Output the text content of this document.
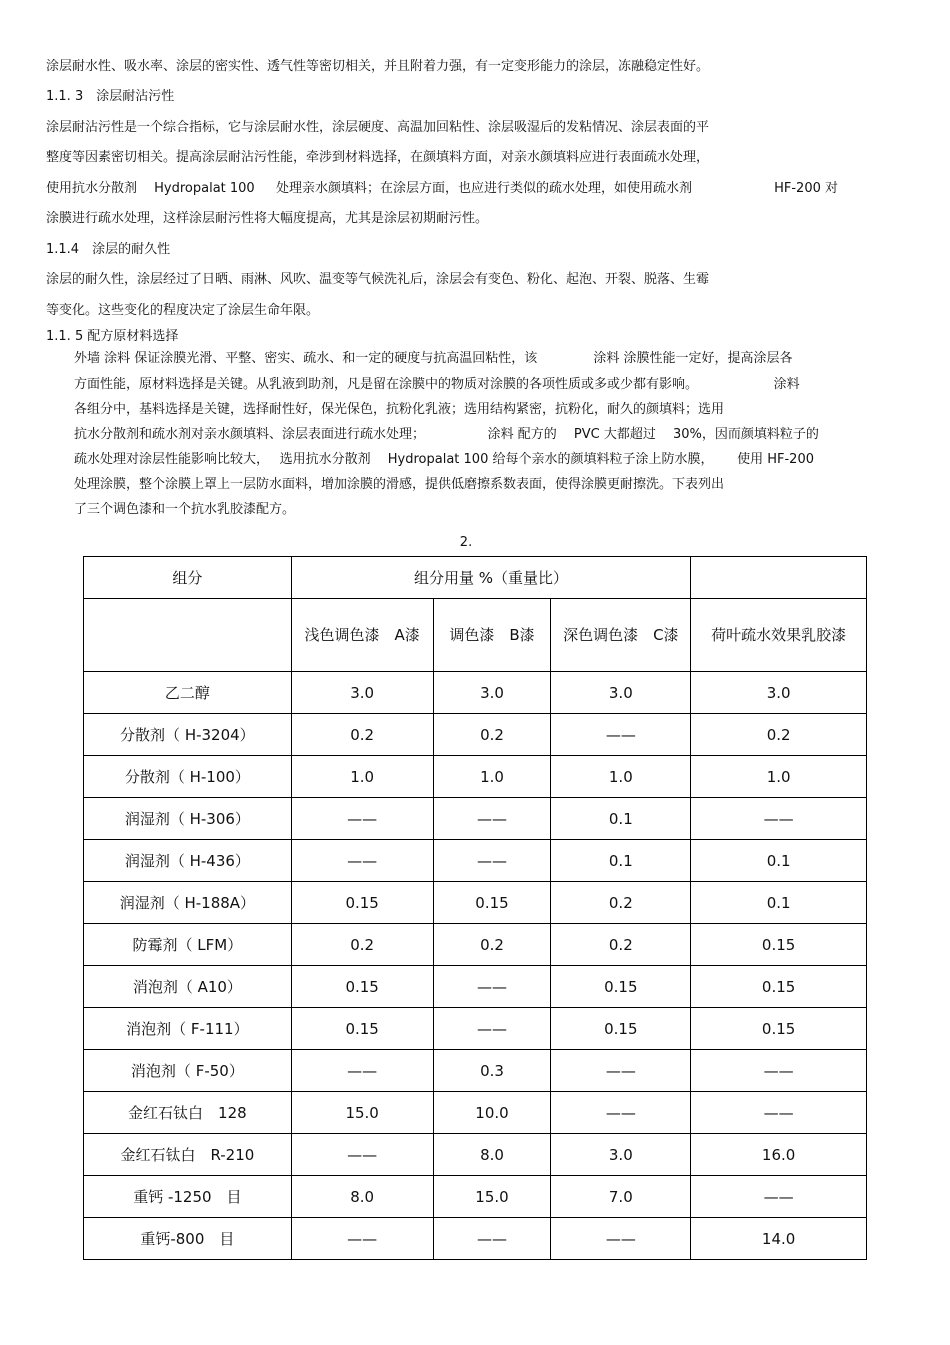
涂层耐水性、吸水率、涂层的密实性、透气性等密切相关，并且附着力强，有一定变形能力的涂层，冻融稳定性好。
1.1. 3　涂层耐沾污性
涂层耐沾污性是一个综合指标，它与涂层耐水性，涂层硬度、高温加回粘性、涂层吸湿后的发粘情况、涂层表面的平
整度等因素密切相关。提高涂层耐沾污性能，牵涉到材料选择，在颜填料方面，对亲水颜填料应进行表面疏水处理，
使用抗水分散剂　 Hydropalat 100 　 处理亲水颜填料；在涂层方面，也应进行类似的疏水处理，如使用疏水剂　　　　　　 HF-200 对
涂膜进行疏水处理，这样涂层耐污性将大幅度提高，尤其是涂层初期耐污性。
1.1.4　涂层的耐久性
涂层的耐久性，涂层经过了日晒、雨淋、风吹、温变等气候洗礼后，涂层会有变色、粉化、起泡、开裂、脱落、生霉
等变化。这些变化的程度决定了涂层生命年限。
1.1. 5 配方原材料选择
外墙 涂料 保证涂膜光滑、平整、密实、疏水、和一定的硬度与抗高温回粘性，该　　　　 涂料 涂膜性能一定好，提高涂层各
方面性能，原材料选择是关键。从乳液到助剂，凡是留在涂膜中的物质对涂膜的各项性质或多或少都有影响。　　　　　　 涂料
各组分中，基料选择是关键，选择耐性好，保光保色，抗粉化乳液；选用结构紧密，抗粉化，耐久的颜填料；选用
抗水分散剂和疏水剂对亲水颜填料、涂层表面进行疏水处理；　　　　　 涂料 配方的　 PVC 大都超过　 30%，因而颜填料粒子的
疏水处理对涂层性能影响比较大，　 选用抗水分散剂　 Hydropalat 100 给每个亲水的颜填料粒子涂上防水膜，　　 使用 HF-200
处理涂膜，整个涂膜上罩上一层防水面料，增加涂膜的滑感，提供低磨擦系数表面，使得涂膜更耐擦洗。下表列出
了三个调色漆和一个抗水乳胶漆配方。
2.
组分	组分用量 %（重量比）			
	浅色调色漆　A漆	调色漆　B漆	深色调色漆　C漆	荷叶疏水效果乳胶漆
乙二醇	3.0	3.0	3.0	3.0
分散剂（ H-3204）	0.2	0.2	——	0.2
分散剂（ H-100）	1.0	1.0	1.0	1.0
润湿剂（ H-306）	——	——	0.1	——
润湿剂（ H-436）	——	——	0.1	0.1
润湿剂（ H-188A）	0.15	0.15	0.2	0.1
防霉剂（ LFM）	0.2	0.2	0.2	0.15
消泡剂（ A10）	0.15	——	0.15	0.15
消泡剂（ F-111）	0.15	——	0.15	0.15
消泡剂（ F-50）	——	0.3	——	——
金红石钛白　128	15.0	10.0	——	——
金红石钛白　R-210	——	8.0	3.0	16.0
重钙 -1250　目	8.0	15.0	7.0	——
重钙-800　目	——	——	——	14.0
